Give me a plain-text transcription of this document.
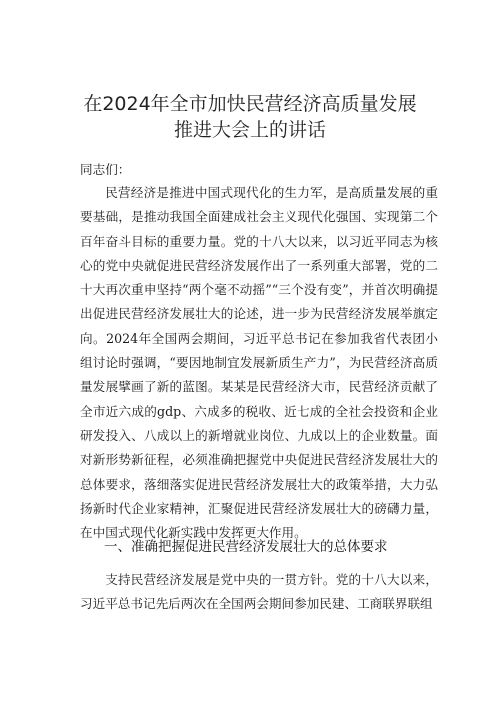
在2024年全市加快民营经济高质量发展
推进大会上的讲话

同志们：

民营经济是推进中国式现代化的生力军，是高质量发展的重要基础，是推动我国全面建成社会主义现代化强国、实现第二个百年奋斗目标的重要力量。党的十八大以来，以习近平同志为核心的党中央就促进民营经济发展作出了一系列重大部署，党的二十大再次重申坚持“两个毫不动摇”“三个没有变”，并首次明确提出促进民营经济发展壮大的论述，进一步为民营经济发展举旗定向。2024年全国两会期间，习近平总书记在参加我省代表团小组讨论时强调，“要因地制宜发展新质生产力”，为民营经济高质量发展擘画了新的蓝图。某某是民营经济大市，民营经济贡献了全市近六成的gdp、六成多的税收、近七成的全社会投资和企业研发投入、八成以上的新增就业岗位、九成以上的企业数量。面对新形势新征程，必须准确把握党中央促进民营经济发展壮大的总体要求，落细落实促进民营经济发展壮大的政策举措，大力弘扬新时代企业家精神，汇聚促进民营经济发展壮大的磅礴力量，在中国式现代化新实践中发挥更大作用。

一、准确把握促进民营经济发展壮大的总体要求

支持民营经济发展是党中央的一贯方针。党的十八大以来，习近平总书记先后两次在全国两会期间参加民建、工商联界联组
